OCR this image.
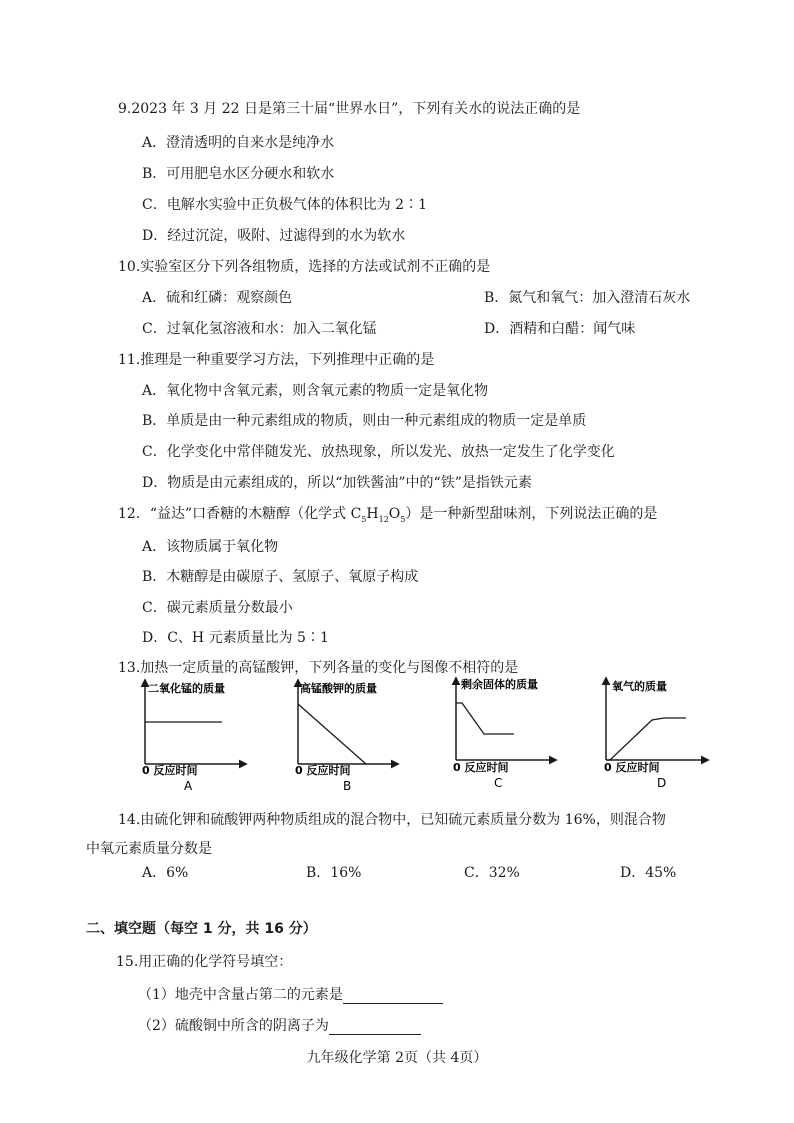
9.2023 年 3 月 22 日是第三十届“世界水日”，下列有关水的说法正确的是
A．澄清透明的自来水是纯净水
B．可用肥皂水区分硬水和软水
C．电解水实验中正负极气体的体积比为 2∶1
D．经过沉淀，吸附、过滤得到的水为软水
10.实验室区分下列各组物质，选择的方法或试剂不正确的是
A．硫和红磷：观察颜色	B．氮气和氧气：加入澄清石灰水
C．过氧化氢溶液和水：加入二氧化锰	D．酒精和白醋：闻气味
11.推理是一种重要学习方法，下列推理中正确的是
A．氧化物中含氧元素，则含氧元素的物质一定是氧化物
B．单质是由一种元素组成的物质，则由一种元素组成的物质一定是单质
C．化学变化中常伴随发光、放热现象，所以发光、放热一定发生了化学变化
D．物质是由元素组成的，所以“加铁酱油”中的“铁”是指铁元素
12．“益达”口香糖的木糖醇（化学式 $C_5H_{12}O_5$）是一种新型甜味剂，下列说法正确的是
A．该物质属于氧化物
B．木糖醇是由碳原子、氢原子、氧原子构成
C．碳元素质量分数最小
D．C、H 元素质量比为 5∶1
13.加热一定质量的高锰酸钾，下列各量的变化与图像不相符的是
二氧化锰的质量
0 反应时间
A
高锰酸钾的质量
0 反应时间
B
剩余固体的质量
0 反应时间
C
氧气的质量
0 反应时间
D
14.由硫化钾和硫酸钾两种物质组成的混合物中，已知硫元素质量分数为 16%，则混合物
中氧元素质量分数是
A．6%	B．16%	C．32%	D．45%
二、填空题（每空 1 分，共 16 分）
15.用正确的化学符号填空：
（1）地壳中含量占第二的元素是
（2）硫酸铜中所含的阴离子为
九年级化学第 2页（共 4页）
